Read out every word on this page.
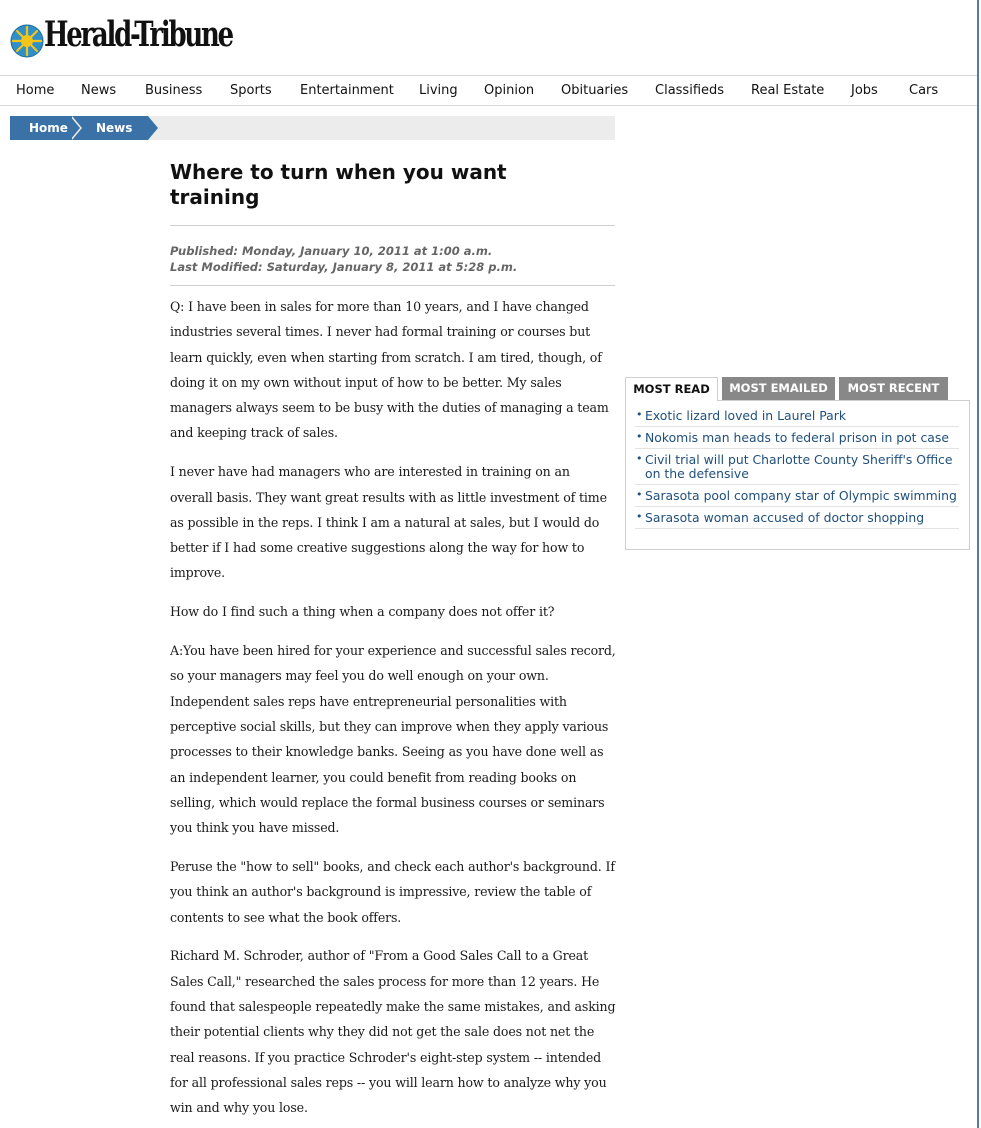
Herald-Tribune
Home News Business Sports Entertainment Living Opinion Obituaries Classifieds Real Estate Jobs Cars
News
Home
Where to turn when you want training
Published: Monday, January 10, 2011 at 1:00 a.m.
Last Modified: Saturday, January 8, 2011 at 5:28 p.m.

Q: I have been in sales for more than 10 years, and I have changed industries several times. I never had formal training or courses but learn quickly, even when starting from scratch. I am tired, though, of doing it on my own without input of how to be better. My sales managers always seem to be busy with the duties of managing a team and keeping track of sales.

I never have had managers who are interested in training on an overall basis. They want great results with as little investment of time as possible in the reps. I think I am a natural at sales, but I would do better if I had some creative suggestions along the way for how to improve.

How do I find such a thing when a company does not offer it?

A:You have been hired for your experience and successful sales record, so your managers may feel you do well enough on your own. Independent sales reps have entrepreneurial personalities with perceptive social skills, but they can improve when they apply various processes to their knowledge banks. Seeing as you have done well as an independent learner, you could benefit from reading books on selling, which would replace the formal business courses or seminars you think you have missed.

Peruse the "how to sell" books, and check each author's background. If you think an author's background is impressive, review the table of contents to see what the book offers.

Richard M. Schroder, author of "From a Good Sales Call to a Great Sales Call," researched the sales process for more than 12 years. He found that salespeople repeatedly make the same mistakes, and asking their potential clients why they did not get the sale does not net the real reasons. If you practice Schroder's eight-step system -- intended for all professional sales reps -- you will learn how to analyze why you win and why you lose.

MOST READ	MOST EMAILED	MOST RECENT
• Exotic lizard loved in Laurel Park
• Nokomis man heads to federal prison in pot case
• Civil trial will put Charlotte County Sheriff's Office on the defensive
• Sarasota pool company star of Olympic swimming
• Sarasota woman accused of doctor shopping
